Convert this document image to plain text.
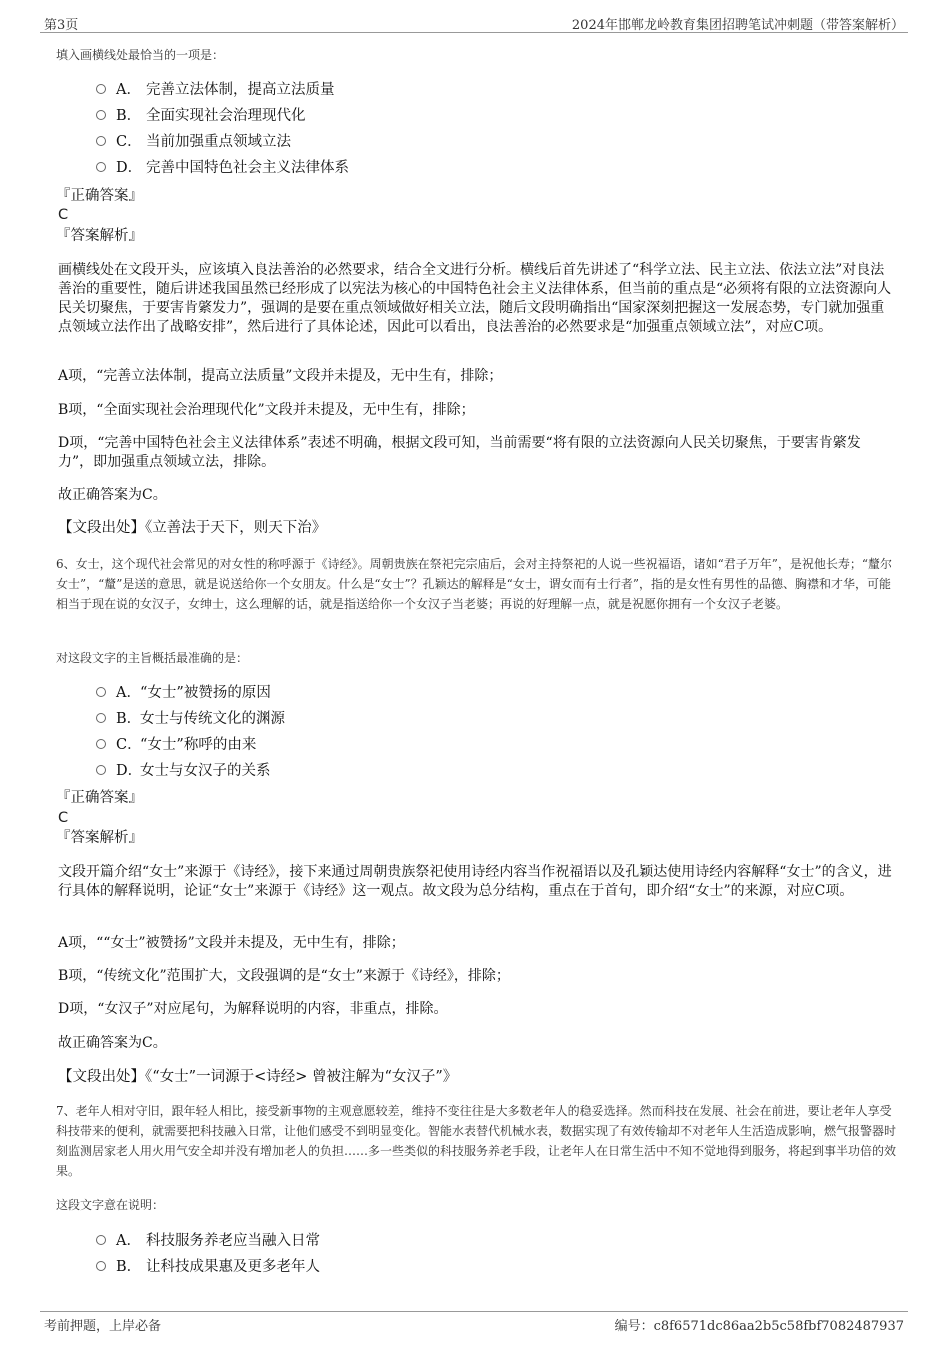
第3页	2024年邯郸龙岭教育集团招聘笔试冲刺题（带答案解析）
填入画横线处最恰当的一项是：
A． 完善立法体制，提高立法质量
B． 全面实现社会治理现代化
C． 当前加强重点领域立法
D． 完善中国特色社会主义法律体系
『正确答案』
C
『答案解析』
画横线处在文段开头，应该填入良法善治的必然要求，结合全文进行分析。横线后首先讲述了“科学立法、民主立法、依法立法”对良法善治的重要性，随后讲述我国虽然已经形成了以宪法为核心的中国特色社会主义法律体系，但当前的重点是“必须将有限的立法资源向人民关切聚焦，于要害肯綮发力”，强调的是要在重点领域做好相关立法，随后文段明确指出“国家深刻把握这一发展态势，专门就加强重点领域立法作出了战略安排”，然后进行了具体论述，因此可以看出，良法善治的必然要求是“加强重点领域立法”，对应C项。
A项，“完善立法体制，提高立法质量”文段并未提及，无中生有，排除；
B项，“全面实现社会治理现代化”文段并未提及，无中生有，排除；
D项，“完善中国特色社会主义法律体系”表述不明确，根据文段可知，当前需要“将有限的立法资源向人民关切聚焦，于要害肯綮发力”，即加强重点领域立法，排除。
故正确答案为C。
【文段出处】《立善法于天下，则天下治》
6、女士，这个现代社会常见的对女性的称呼源于《诗经》。周朝贵族在祭祀完宗庙后，会对主持祭祀的人说一些祝福语，诸如“君子万年”，是祝他长寿；“釐尔女士”，“釐”是送的意思，就是说送给你一个女朋友。什么是“女士”？孔颖达的解释是“女士，谓女而有士行者”，指的是女性有男性的品德、胸襟和才华，可能相当于现在说的女汉子，女绅士，这么理解的话，就是指送给你一个女汉子当老婆；再说的好理解一点，就是祝愿你拥有一个女汉子老婆。
对这段文字的主旨概括最准确的是：
A．“女士”被赞扬的原因
B．女士与传统文化的渊源
C．“女士”称呼的由来
D．女士与女汉子的关系
『正确答案』
C
『答案解析』
文段开篇介绍“女士”来源于《诗经》，接下来通过周朝贵族祭祀使用诗经内容当作祝福语以及孔颖达使用诗经内容解释“女士”的含义，进行具体的解释说明，论证“女士”来源于《诗经》这一观点。故文段为总分结构，重点在于首句，即介绍“女士”的来源，对应C项。
A项，““女士”被赞扬”文段并未提及，无中生有，排除；
B项，“传统文化”范围扩大，文段强调的是“女士”来源于《诗经》，排除；
D项，“女汉子”对应尾句，为解释说明的内容，非重点，排除。
故正确答案为C。
【文段出处】《“女士”一词源于<诗经> 曾被注解为“女汉子”》
7、老年人相对守旧，跟年轻人相比，接受新事物的主观意愿较差，维持不变往往是大多数老年人的稳妥选择。然而科技在发展、社会在前进，要让老年人享受科技带来的便利，就需要把科技融入日常，让他们感受不到明显变化。智能水表替代机械水表，数据实现了有效传输却不对老年人生活造成影响，燃气报警器时刻监测居家老人用火用气安全却并没有增加老人的负担……多一些类似的科技服务养老手段，让老年人在日常生活中不知不觉地得到服务，将起到事半功倍的效果。
这段文字意在说明：
A． 科技服务养老应当融入日常
B． 让科技成果惠及更多老年人
考前押题，上岸必备	编号：c8f6571dc86aa2b5c58fbf7082487937
